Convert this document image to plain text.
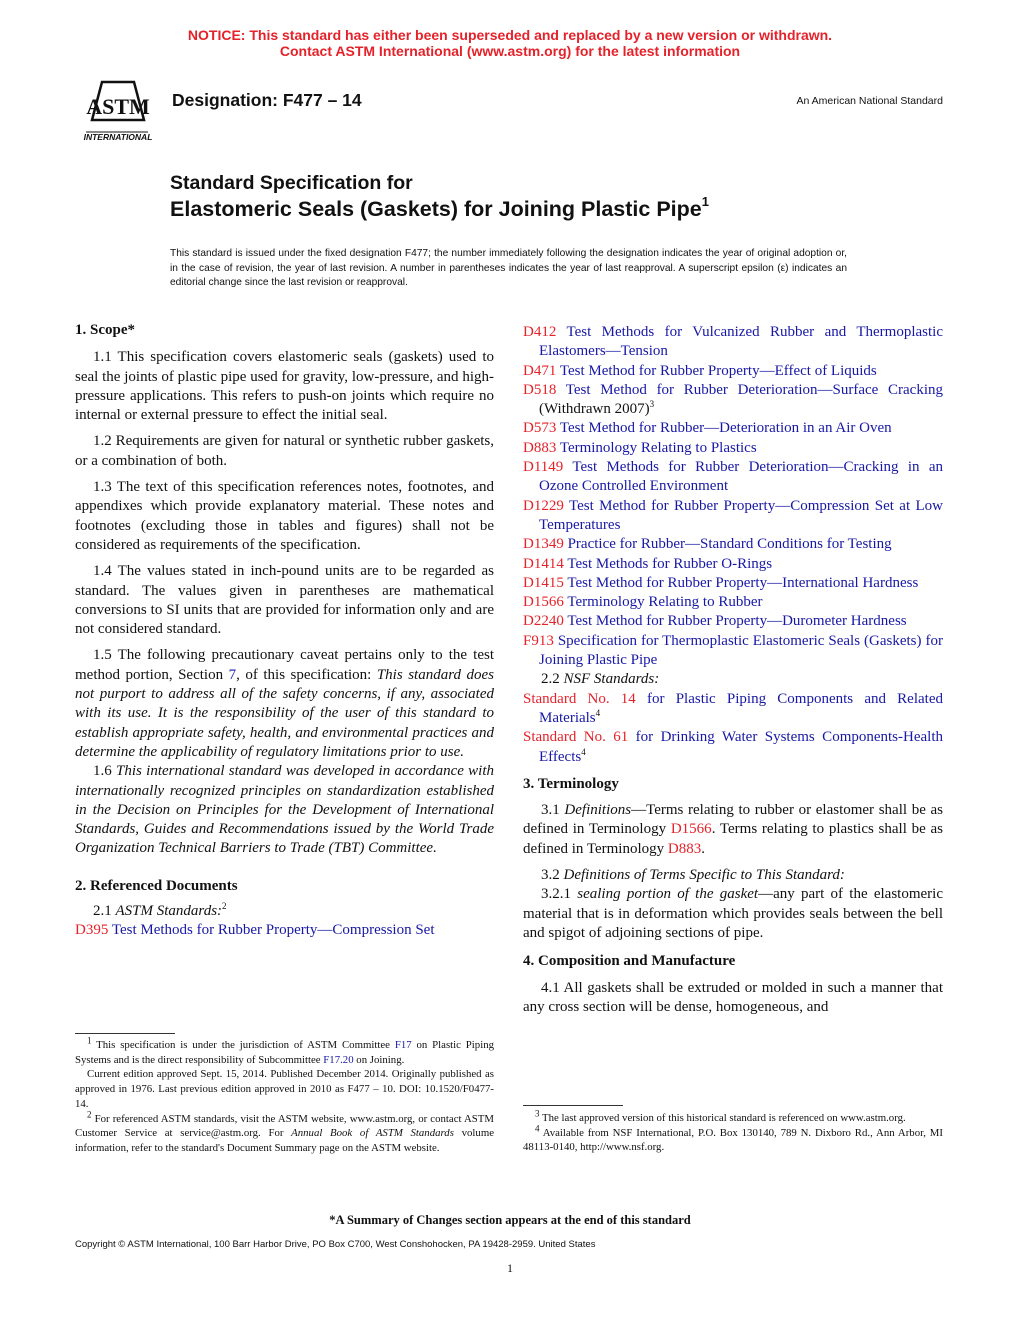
NOTICE: This standard has either been superseded and replaced by a new version or withdrawn.
Contact ASTM International (www.astm.org) for the latest information
ASTM
INTERNATIONAL
Designation: F477 – 14	An American National Standard
Standard Specification for
Elastomeric Seals (Gaskets) for Joining Plastic Pipe$^1$
This standard is issued under the fixed designation F477; the number immediately following the designation indicates the year of original adoption or, in the case of revision, the year of last revision. A number in parentheses indicates the year of last reapproval. A superscript epsilon (ε) indicates an editorial change since the last revision or reapproval.

1. Scope*

1.1 This specification covers elastomeric seals (gaskets) used to seal the joints of plastic pipe used for gravity, low-pressure, and high-pressure applications. This refers to push-on joints which require no internal or external pressure to effect the initial seal.

1.2 Requirements are given for natural or synthetic rubber gaskets, or a combination of both.

1.3 The text of this specification references notes, footnotes, and appendixes which provide explanatory material. These notes and footnotes (excluding those in tables and figures) shall not be considered as requirements of the specification.

1.4 The values stated in inch-pound units are to be regarded as standard. The values given in parentheses are mathematical conversions to SI units that are provided for information only and are not considered standard.

1.5 The following precautionary caveat pertains only to the test method portion, Section 7, of this specification: This standard does not purport to address all of the safety concerns, if any, associated with its use. It is the responsibility of the user of this standard to establish appropriate safety, health, and environmental practices and determine the applicability of regulatory limitations prior to use.

1.6 This international standard was developed in accordance with internationally recognized principles on standardization established in the Decision on Principles for the Development of International Standards, Guides and Recommendations issued by the World Trade Organization Technical Barriers to Trade (TBT) Committee.

2. Referenced Documents

2.1 ASTM Standards:$^2$

D395 Test Methods for Rubber Property—Compression Set

$^1$ This specification is under the jurisdiction of ASTM Committee F17 on Plastic Piping Systems and is the direct responsibility of Subcommittee F17.20 on Joining.

Current edition approved Sept. 15, 2014. Published December 2014. Originally published as approved in 1976. Last previous edition approved in 2010 as F477 – 10. DOI: 10.1520/F0477-14.

$^2$ For referenced ASTM standards, visit the ASTM website, www.astm.org, or contact ASTM Customer Service at service@astm.org. For Annual Book of ASTM Standards volume information, refer to the standard's Document Summary page on the ASTM website.

D412 Test Methods for Vulcanized Rubber and Thermoplastic Elastomers—Tension

D471 Test Method for Rubber Property—Effect of Liquids

D518 Test Method for Rubber Deterioration—Surface Cracking (Withdrawn 2007)$^3$

D573 Test Method for Rubber—Deterioration in an Air Oven

D883 Terminology Relating to Plastics

D1149 Test Methods for Rubber Deterioration—Cracking in an Ozone Controlled Environment

D1229 Test Method for Rubber Property—Compression Set at Low Temperatures

D1349 Practice for Rubber—Standard Conditions for Testing

D1414 Test Methods for Rubber O-Rings

D1415 Test Method for Rubber Property—International Hardness

D1566 Terminology Relating to Rubber

D2240 Test Method for Rubber Property—Durometer Hardness

F913 Specification for Thermoplastic Elastomeric Seals (Gaskets) for Joining Plastic Pipe

2.2 NSF Standards:

Standard No. 14 for Plastic Piping Components and Related Materials$^4$

Standard No. 61 for Drinking Water Systems Components-Health Effects$^4$

3. Terminology

3.1 Definitions—Terms relating to rubber or elastomer shall be as defined in Terminology D1566. Terms relating to plastics shall be as defined in Terminology D883.

3.2 Definitions of Terms Specific to This Standard:

3.2.1 sealing portion of the gasket—any part of the elastomeric material that is in deformation which provides seals between the bell and spigot of adjoining sections of pipe.

4. Composition and Manufacture

4.1 All gaskets shall be extruded or molded in such a manner that any cross section will be dense, homogeneous, and

$^3$ The last approved version of this historical standard is referenced on www.astm.org.

$^4$ Available from NSF International, P.O. Box 130140, 789 N. Dixboro Rd., Ann Arbor, MI 48113-0140, http://www.nsf.org.

*A Summary of Changes section appears at the end of this standard
Copyright © ASTM International, 100 Barr Harbor Drive, PO Box C700, West Conshohocken, PA 19428-2959. United States
1
